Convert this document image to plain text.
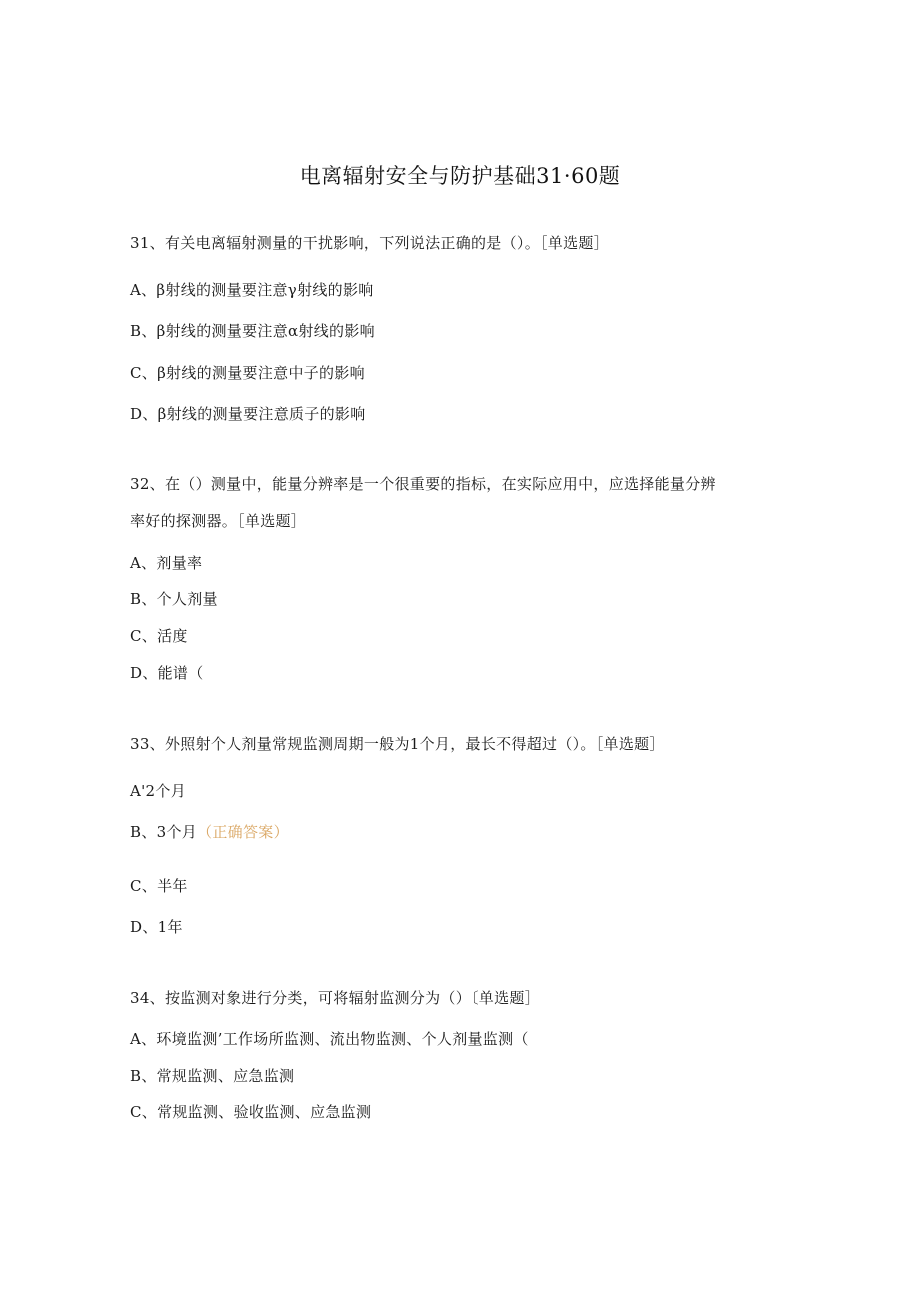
电离辐射安全与防护基础31·60题
31、有关电离辐射测量的干扰影响，下列说法正确的是（）。［单选题］
A、β射线的测量要注意γ射线的影响
B、β射线的测量要注意α射线的影响
C、β射线的测量要注意中子的影响
D、β射线的测量要注意质子的影响
32、在（）测量中，能量分辨率是一个很重要的指标，在实际应用中，应选择能量分辨
率好的探测器。［单选题］
A、剂量率
B、个人剂量
C、活度
D、能谱（
33、外照射个人剂量常规监测周期一般为1个月，最长不得超过（）。［单选题］
A'2个月
B、3个月（正确答案）
C、半年
D、1年
34、按监测对象进行分类，可将辐射监测分为（）〔单选题］
A、环境监测’工作场所监测、流出物监测、个人剂量监测（
B、常规监测、应急监测
C、常规监测、验收监测、应急监测
